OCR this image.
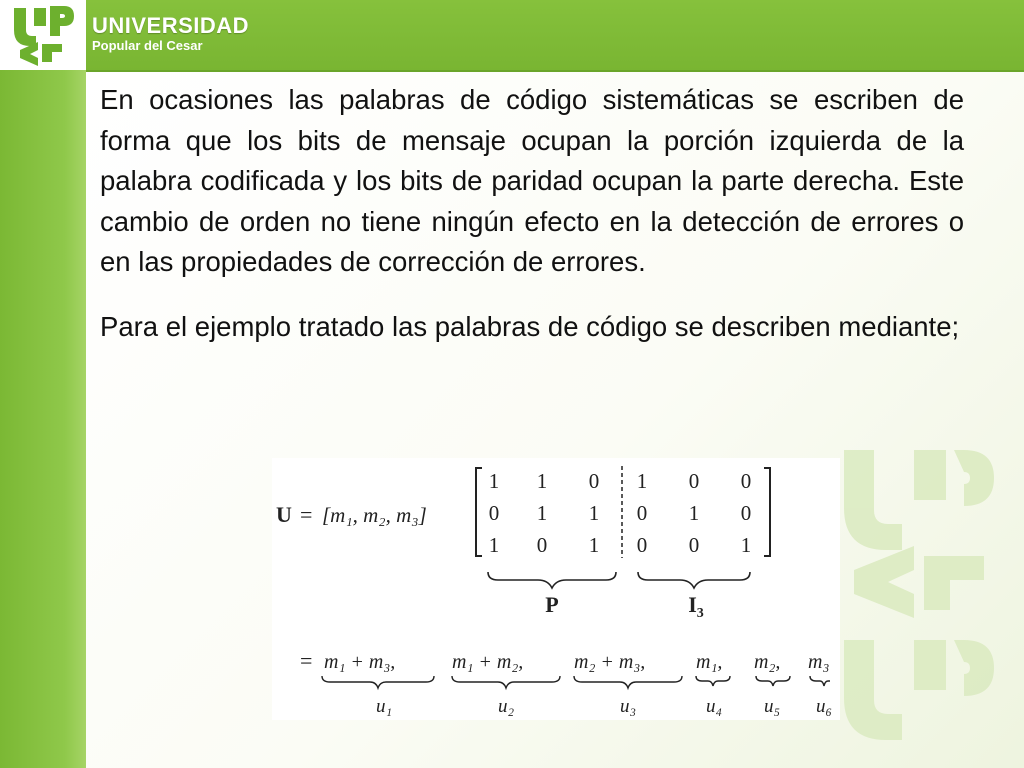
UNIVERSIDAD
Popular del Cesar

En ocasiones las palabras de código sistemáticas se escriben de forma que los bits de mensaje ocupan la porción izquierda de la palabra codificada y los bits de paridad ocupan la parte derecha. Este cambio de orden no tiene ningún efecto en la detección de errores o en las propiedades de corrección de errores.

Para el ejemplo tratado las palabras de código se describen mediante;

U = [m₁, m₂, m₃]
1 1 0 1 0 0
0 1 1 0 1 0
1 0 1 0 0 1
P	$I_3$
= m₁ + m₃,	m₁ + m₂,	m₂ + m₃,	m₁, m₂, m₃
u₁	u₂	u₃	u₄ u₅ u₆
